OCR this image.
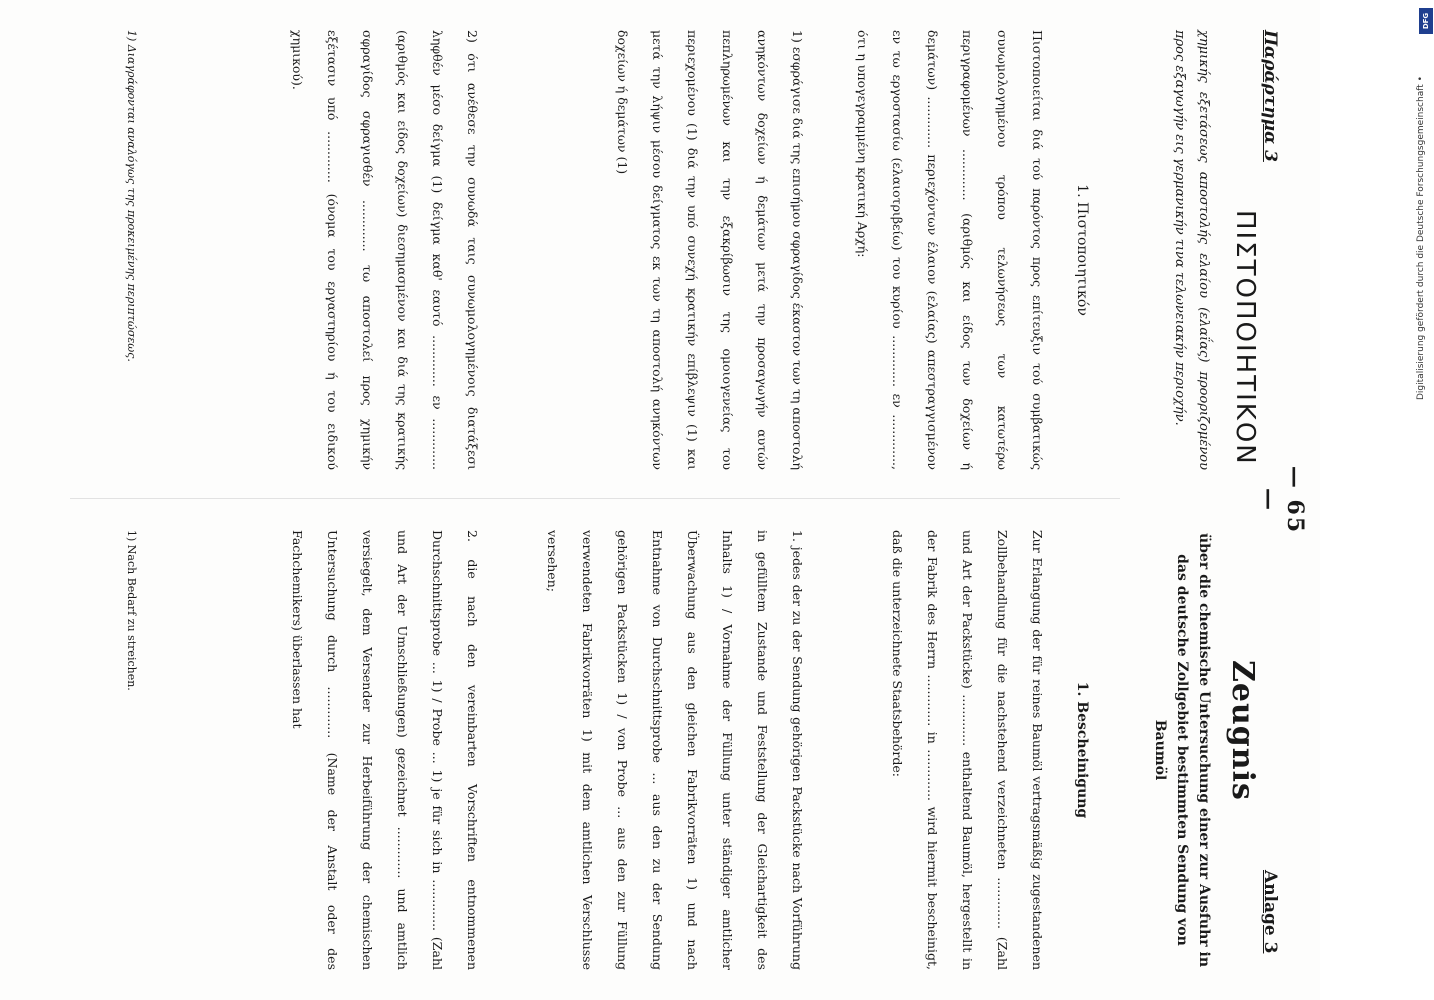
— 65 —
Παράρτημα 3
ΠΙΣΤΟΠΟΙΗΤΙΚΟΝ
χημικής εξετάσεως αποστολής ελαίου (ελαΐας) προοριζομένου προς εξαγωγήν εις γερμανικήν τινα τελωνειακήν περιοχήν.
1. Πιστοποιητικόν
Πιστοποιείται διά τού παρόντος προς επίτευξιν τού συμβατικώς συνωμολογημένου τρόπου τελωνήσεως των κατωτέρω περιγραφομένων ............. (αριθμός και είδος των δοχείων ή δεμάτων) ............. περιεχόντων έλαιον (ελαίας) απεστραγγισμένον εν τω εργοστασίω (ελαιοτριβείω) του κυρίου ............. εν ............., ότι η υπογεγραμμένη κρατική Αρχή:
1) εσφράγισε διά της επισήμου σφραγίδος έκαστον των τη αποστολή ανηκόντων δοχείων ή δεμάτων μετά την προσαγωγήν αυτών πεπληρωμένων και την εξακρίβωσιν της ομοιογενείας του περιεχομένου (1) διά την υπό συνεχή κρατικήν επίβλεψιν (1) και μετά την λήψιν μέσου δείγματος εκ των τη αποστολή ανηκόντων δοχείων ή δεμάτων (1)
2) ότι ανέθεσε την συνωδά ταις συνωμολογημένοις διατάξεσι ληφθέν μέσο δείγμα (1) δείγμα καθ' εαυτό ............. εν ............. (αριθμός και είδος δοχείων) διεσημασμένον και διά της κρατικής σφραγίδος σφραγισθέν ............. τω αποστολεί προς χημικήν εξέτασιν υπό ............. (όνομα του εργαστηρίου ή του ειδικού χημικού).
1) Διαγράφονται αναλόγως της προκειμένης περιπτώσεως.
Anlage 3
Zeugnis
über die chemische Untersuchung einer zur Ausfuhr in das deutsche Zollgebiet bestimmten Sendung von Baumöl
1. Bescheinigung
Zur Erlangung der für reines Baumöl vertragsmäßig zugestandenen Zollbehandlung für die nachstehend verzeichneten ............. (Zahl und Art der Packstücke) ............. enthaltend Baumöl, hergestellt in der Fabrik des Herrn ............. in ............. wird hiermit bescheinigt, daß die unterzeichnete Staatsbehörde:
1. jedes der zu der Sendung gehörigen Packstücke nach Vorführung in gefülltem Zustande und Feststellung der Gleichartigkeit des Inhalts 1) / Vornahme der Füllung unter ständiger amtlicher Überwachung aus den gleichen Fabrikvorräten 1) und nach Entnahme von Durchschnittsprobe ... aus den zu der Sendung gehörigen Packstücken 1) / von Probe ... aus den zur Füllung verwendeten Fabrikvorräten 1) mit dem amtlichen Verschlusse versehen;
2. die nach den vereinbarten Vorschriften entnommenen Durchschnittsprobe ... 1) / Probe ... 1) je für sich in ............. (Zahl und Art der Umschließungen) gezeichnet ............. und amtlich versiegelt, dem Versender zur Herbeiführung der chemischen Untersuchung durch ............. (Name der Anstalt oder des Fachchemikers) überlassen hat
1) Nach Bedarf zu streichen.
DFG
Digitalisierung gefördert durch die Deutsche Forschungsgemeinschaft •
